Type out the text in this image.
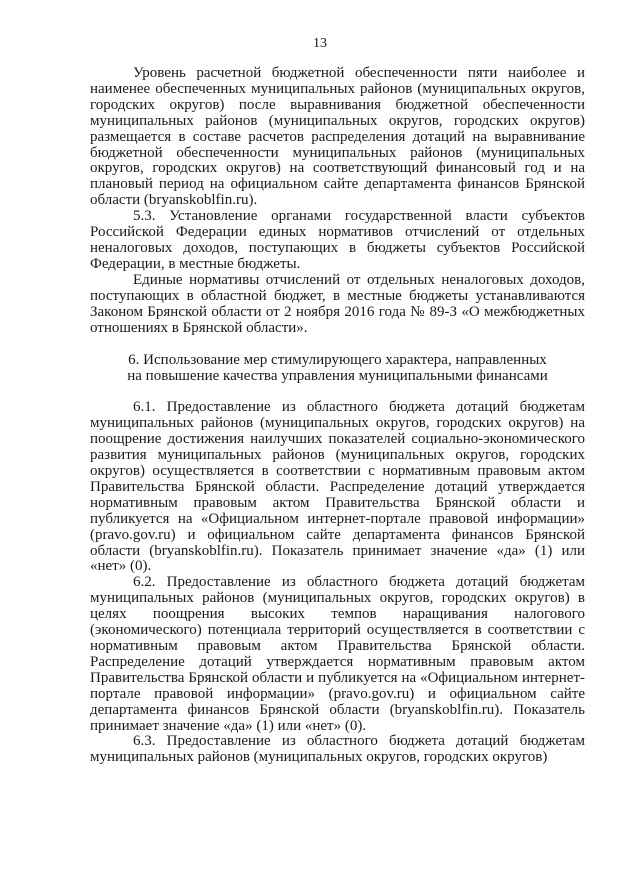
13

Уровень расчетной бюджетной обеспеченности пяти наиболее и наименее обеспеченных муниципальных районов (муниципальных округов, городских округов) после выравнивания бюджетной обеспеченности муниципальных районов (муниципальных округов, городских округов) размещается в составе расчетов распределения дотаций на выравнивание бюджетной обеспеченности муниципальных районов (муниципальных округов, городских округов) на соответствующий финансовый год и на плановый период на официальном сайте департамента финансов Брянской области (bryanskoblfin.ru).

5.3. Установление органами государственной власти субъектов Российской Федерации единых нормативов отчислений от отдельных неналоговых доходов, поступающих в бюджеты субъектов Российской Федерации, в местные бюджеты.

Единые нормативы отчислений от отдельных неналоговых доходов, поступающих в областной бюджет, в местные бюджеты устанавливаются Законом Брянской области от 2 ноября 2016 года № 89-З «О межбюджетных отношениях в Брянской области».

6. Использование мер стимулирующего характера, направленных
на повышение качества управления муниципальными финансами

6.1. Предоставление из областного бюджета дотаций бюджетам муниципальных районов (муниципальных округов, городских округов) на поощрение достижения наилучших показателей социально-экономического развития муниципальных районов (муниципальных округов, городских округов) осуществляется в соответствии с нормативным правовым актом Правительства Брянской области. Распределение дотаций утверждается нормативным правовым актом Правительства Брянской области и публикуется на «Официальном интернет-портале правовой информации» (pravo.gov.ru) и официальном сайте департамента финансов Брянской области (bryanskoblfin.ru). Показатель принимает значение «да» (1) или «нет» (0).

6.2. Предоставление из областного бюджета дотаций бюджетам муниципальных районов (муниципальных округов, городских округов) в целях поощрения высоких темпов наращивания налогового (экономического) потенциала территорий осуществляется в соответствии с нормативным правовым актом Правительства Брянской области. Распределение дотаций утверждается нормативным правовым актом Правительства Брянской области и публикуется на «Официальном интернет-портале правовой информации» (pravo.gov.ru) и официальном сайте департамента финансов Брянской области (bryanskoblfin.ru). Показатель принимает значение «да» (1) или «нет» (0).

6.3. Предоставление из областного бюджета дотаций бюджетам муниципальных районов (муниципальных округов, городских округов)
